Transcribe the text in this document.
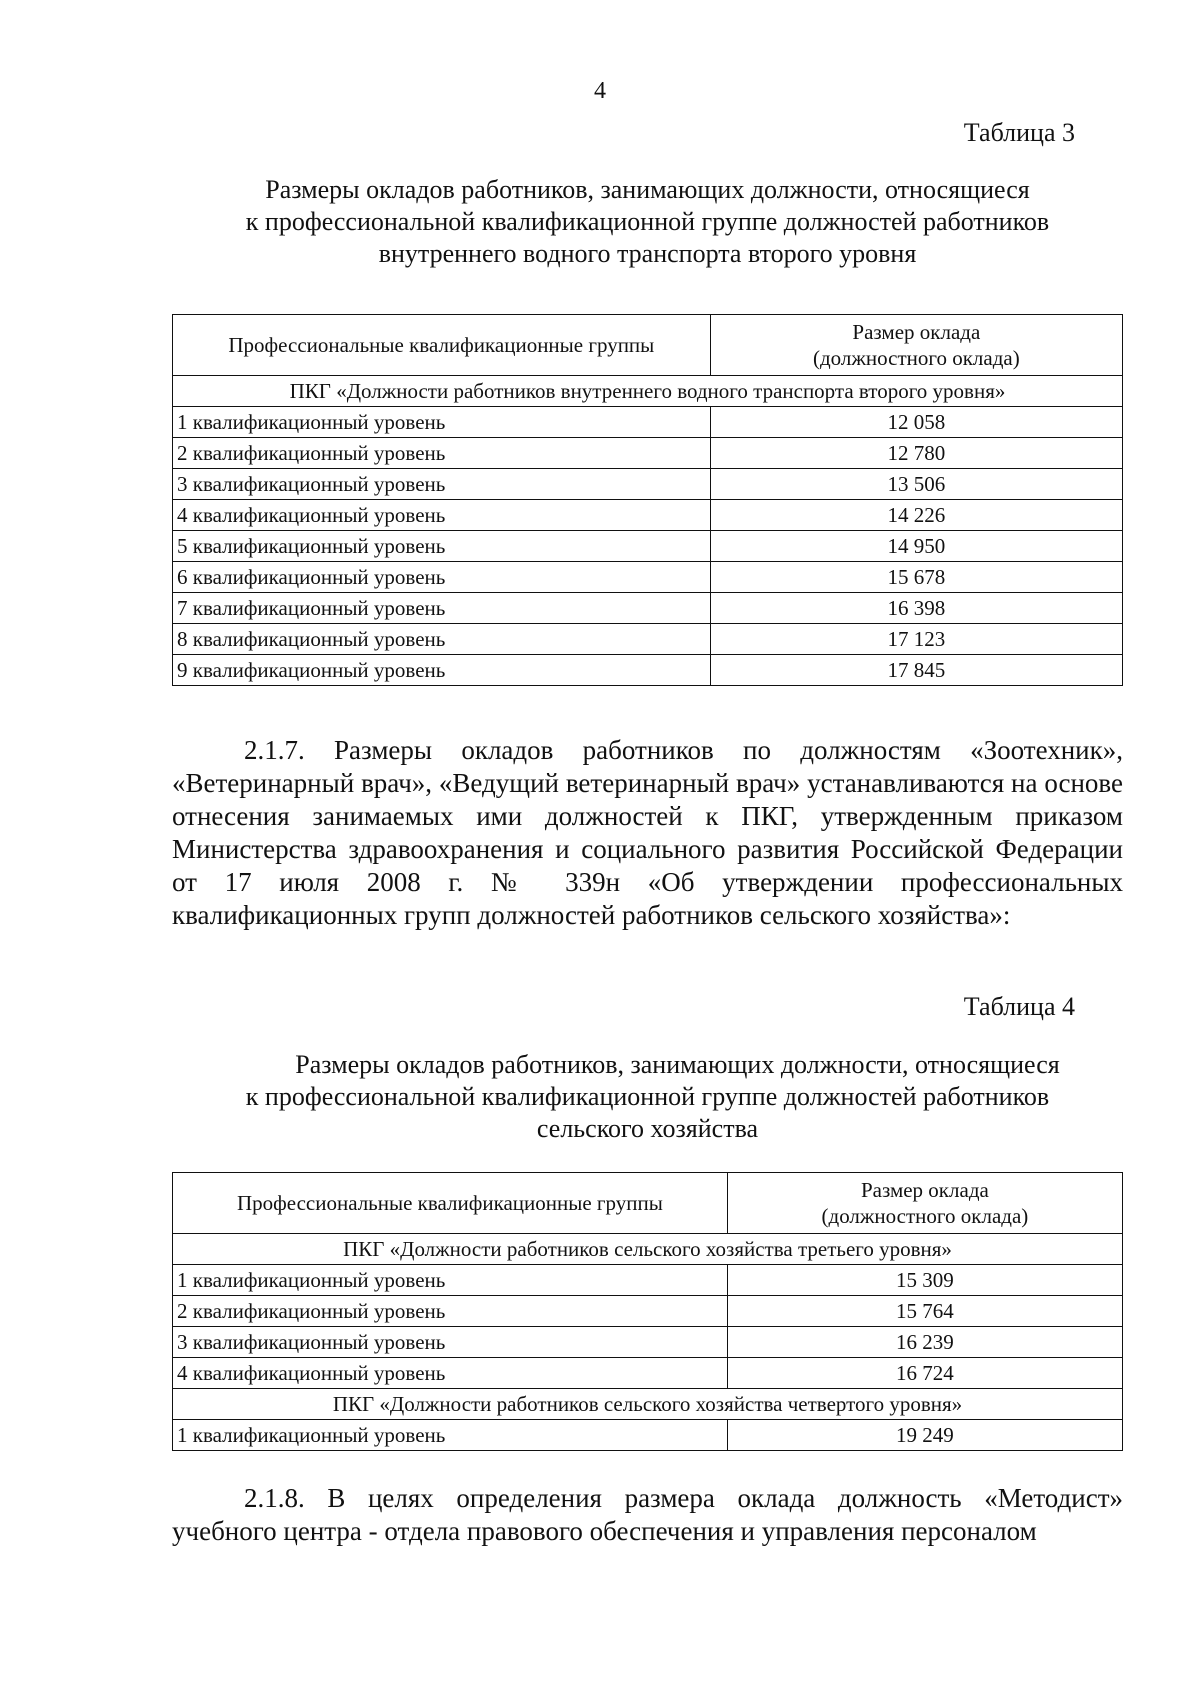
4
Таблица 3
Размеры окладов работников, занимающих должности, относящиеся
к профессиональной квалификационной группе должностей работников
внутреннего водного транспорта второго уровня
Профессиональные квалификационные группы	Размер оклада
(должностного оклада)

ПКГ «Должности работников внутреннего водного транспорта второго уровня»	
1 квалификационный уровень	12 058
2 квалификационный уровень	12 780
3 квалификационный уровень	13 506
4 квалификационный уровень	14 226
5 квалификационный уровень	14 950
6 квалификационный уровень	15 678
7 квалификационный уровень	16 398
8 квалификационный уровень	17 123
9 квалификационный уровень	17 845

2.1.7. Размеры окладов работников по должностям «Зоотехник», «Ветеринарный врач», «Ведущий ветеринарный врач» устанавливаются на основе отнесения занимаемых ими должностей к ПКГ, утвержденным приказом Министерства здравоохранения и социального развития Российской Федерации от 17 июля 2008 г. № 339н «Об утверждении профессиональных квалификационных групп должностей работников сельского хозяйства»:

Таблица 4
Размеры окладов работников, занимающих должности, относящиеся
к профессиональной квалификационной группе должностей работников
сельского хозяйства
Профессиональные квалификационные группы	Размер оклада
(должностного оклада)

ПКГ «Должности работников сельского хозяйства третьего уровня»	
1 квалификационный уровень	15 309
2 квалификационный уровень	15 764
3 квалификационный уровень	16 239
4 квалификационный уровень	16 724
ПКГ «Должности работников сельского хозяйства четвертого уровня»	
1 квалификационный уровень	19 249

2.1.8. В целях определения размера оклада должность «Методист» учебного центра - отдела правового обеспечения и управления персоналом
